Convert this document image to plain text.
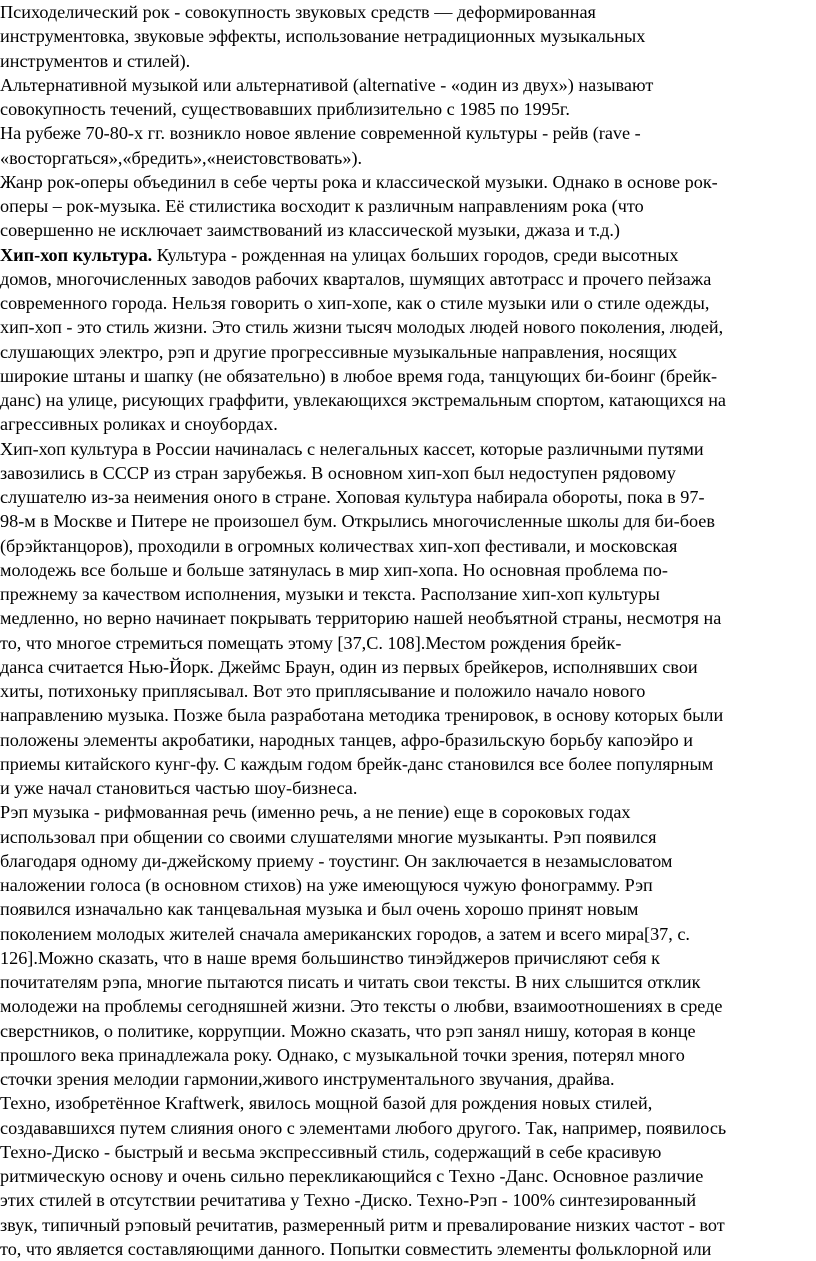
Психоделический рок - совокупность звуковых средств — деформированная
инструментовка, звуковые эффекты, использование нетрадиционных музыкальных
инструментов и стилей).
Альтернативной музыкой или альтернативой (alternative - «один из двух») называют
совокупность течений, существовавших приблизительно с 1985 по 1995г.
На рубеже 70-80-х гг. возникло новое явление современной культуры - рейв (rave -
«восторгаться»,«бредить»,«неистовствовать»).
Жанр рок-оперы объединил в себе черты рока и классической музыки. Однако в основе рок-
оперы – рок-музыка. Её стилистика восходит к различным направлениям рока (что
совершенно не исключает заимствований из классической музыки, джаза и т.д.)
Хип-хоп культура. Культура - рожденная на улицах больших городов, среди высотных
домов, многочисленных заводов рабочих кварталов, шумящих автотрасс и прочего пейзажа
современного города. Нельзя говорить о хип-хопе, как о стиле музыки или о стиле одежды,
хип-хоп - это стиль жизни. Это стиль жизни тысяч молодых людей нового поколения, людей,
слушающих электро, рэп и другие прогрессивные музыкальные направления, носящих
широкие штаны и шапку (не обязательно) в любое время года, танцующих би-боинг (брейк-
данс) на улице, рисующих граффити, увлекающихся экстремальным спортом, катающихся на
агрессивных роликах и сноубордах.
Хип-хоп культура в России начиналась с нелегальных кассет, которые различными путями
завозились в СССР из стран зарубежья. В основном хип-хоп был недоступен рядовому
слушателю из-за неимения оного в стране. Хоповая культура набирала обороты, пока в 97-
98-м в Москве и Питере не произошел бум. Открылись многочисленные школы для би-боев
(брэйктанцоров), проходили в огромных количествах хип-хоп фестивали, и московская
молодежь все больше и больше затянулась в мир хип-хопа. Но основная проблема по-
прежнему за качеством исполнения, музыки и текста. Расползание хип-хоп культуры
медленно, но верно начинает покрывать территорию нашей необъятной страны, несмотря на
то, что многое стремиться помещать этому [37,С. 108].Местом рождения брейк-
данса считается Нью-Йорк. Джеймс Браун, один из первых брейкеров, исполнявших свои
хиты, потихоньку приплясывал. Вот это приплясывание и положило начало нового
направлению музыка. Позже была разработана методика тренировок, в основу которых были
положены элементы акробатики, народных танцев, афро-бразильскую борьбу капоэйро и
приемы китайского кунг-фу. С каждым годом брейк-данс становился все более популярным
и уже начал становиться частью шоу-бизнеса.
Рэп музыка - рифмованная речь (именно речь, а не пение) еще в сороковых годах
использовал при общении со своими слушателями многие музыканты. Рэп появился
благодаря одному ди-джейскому приему - тоустинг. Он заключается в незамысловатом
наложении голоса (в основном стихов) на уже имеющуюся чужую фонограмму. Рэп
появился изначально как танцевальная музыка и был очень хорошо принят новым
поколением молодых жителей сначала американских городов, а затем и всего мира[37, с.
126].Можно сказать, что в наше время большинство тинэйджеров причисляют себя к
почитателям рэпа, многие пытаются писать и читать свои тексты. В них слышится отклик
молодежи на проблемы сегодняшней жизни. Это тексты о любви, взаимоотношениях в среде
сверстников, о политике, коррупции. Можно сказать, что рэп занял нишу, которая в конце
прошлого века принадлежала року. Однако, с музыкальной точки зрения, потерял много
сточки зрения мелодии гармонии,живого инструментального звучания, драйва.
Техно, изобретённое Kraftwerk, явилось мощной базой для рождения новых стилей,
создававшихся путем слияния оного с элементами любого другого. Так, например, появилось
Техно-Диско - быстрый и весьма экспрессивный стиль, содержащий в себе красивую
ритмическую основу и очень сильно перекликающийся с Техно -Данс. Основное различие
этих стилей в отсутствии речитатива у Техно -Диско. Техно-Рэп - 100% синтезированный
звук, типичный рэповый речитатив, размеренный ритм и превалирование низких частот - вот
то, что является составляющими данного. Попытки совместить элементы фольклорной или
